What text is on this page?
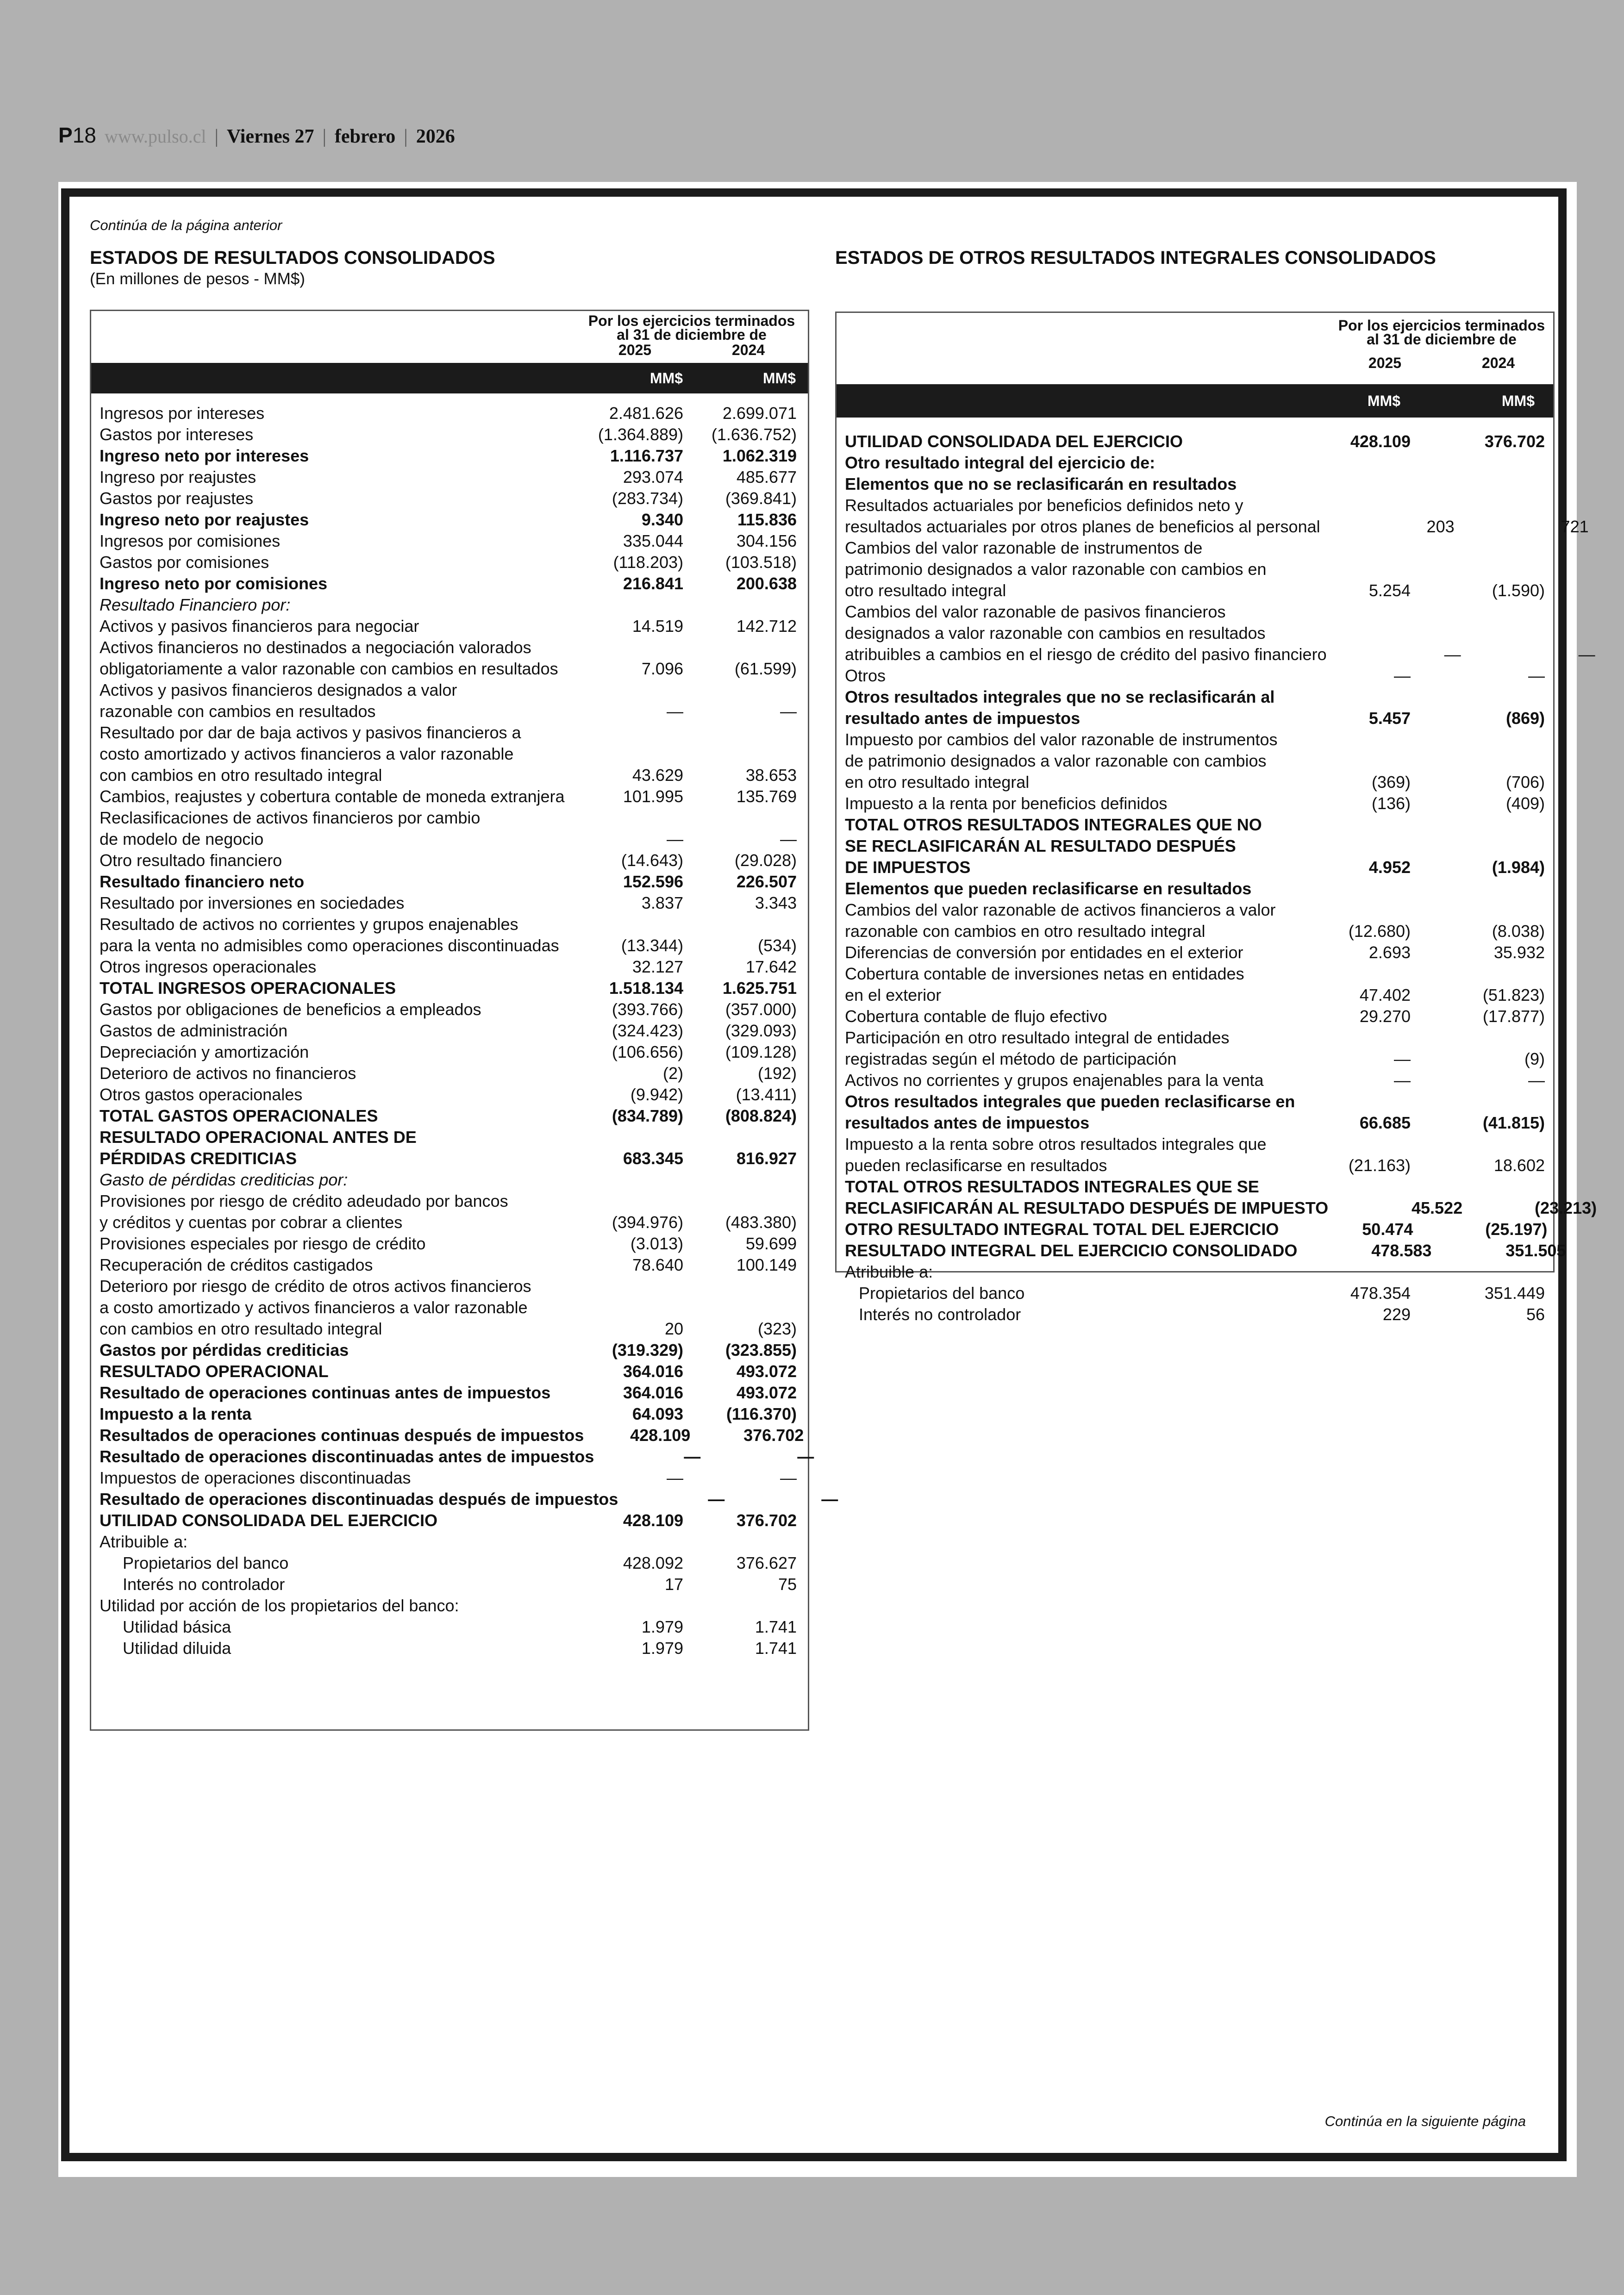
P18 www.pulso.cl | Viernes 27 | febrero | 2026
Continúa de la página anterior
ESTADOS DE RESULTADOS CONSOLIDADOS
(En millones de pesos - MM$)
Por los ejercicios terminados
al 31 de diciembre de
2025	2024
MM$	MM$
Ingresos por intereses	2.481.626	2.699.071
Gastos por intereses	(1.364.889)	(1.636.752)
Ingreso neto por intereses	1.116.737	1.062.319
Ingreso por reajustes	293.074	485.677
Gastos por reajustes	(283.734)	(369.841)
Ingreso neto por reajustes	9.340	115.836
Ingresos por comisiones	335.044	304.156
Gastos por comisiones	(118.203)	(103.518)
Ingreso neto por comisiones	216.841	200.638
Resultado Financiero por:
Activos y pasivos financieros para negociar	14.519	142.712
Activos financieros no destinados a negociación valorados
obligatoriamente a valor razonable con cambios en resultados	7.096	(61.599)
Activos y pasivos financieros designados a valor
razonable con cambios en resultados	—	—
Resultado por dar de baja activos y pasivos financieros a
costo amortizado y activos financieros a valor razonable
con cambios en otro resultado integral	43.629	38.653
Cambios, reajustes y cobertura contable de moneda extranjera	101.995	135.769
Reclasificaciones de activos financieros por cambio
de modelo de negocio	—	—
Otro resultado financiero	(14.643)	(29.028)
Resultado financiero neto	152.596	226.507
Resultado por inversiones en sociedades	3.837	3.343
Resultado de activos no corrientes y grupos enajenables
para la venta no admisibles como operaciones discontinuadas	(13.344)	(534)
Otros ingresos operacionales	32.127	17.642
TOTAL INGRESOS OPERACIONALES	1.518.134	1.625.751
Gastos por obligaciones de beneficios a empleados	(393.766)	(357.000)
Gastos de administración	(324.423)	(329.093)
Depreciación y amortización	(106.656)	(109.128)
Deterioro de activos no financieros	(2)	(192)
Otros gastos operacionales	(9.942)	(13.411)
TOTAL GASTOS OPERACIONALES	(834.789)	(808.824)
RESULTADO OPERACIONAL ANTES DE
PÉRDIDAS CREDITICIAS	683.345	816.927
Gasto de pérdidas crediticias por:
Provisiones por riesgo de crédito adeudado por bancos
y créditos y cuentas por cobrar a clientes	(394.976)	(483.380)
Provisiones especiales por riesgo de crédito	(3.013)	59.699
Recuperación de créditos castigados	78.640	100.149
Deterioro por riesgo de crédito de otros activos financieros
a costo amortizado y activos financieros a valor razonable
con cambios en otro resultado integral	20	(323)
Gastos por pérdidas crediticias	(319.329)	(323.855)
RESULTADO OPERACIONAL	364.016	493.072
Resultado de operaciones continuas antes de impuestos	364.016	493.072
Impuesto a la renta	64.093	(116.370)
Resultados de operaciones continuas después de impuestos	428.109	376.702
Resultado de operaciones discontinuadas antes de impuestos	—	—
Impuestos de operaciones discontinuadas	—	—
Resultado de operaciones discontinuadas después de impuestos	—	—
UTILIDAD CONSOLIDADA DEL EJERCICIO	428.109	376.702
Atribuible a:
Propietarios del banco	428.092	376.627
Interés no controlador	17	75
Utilidad por acción de los propietarios del banco:
Utilidad básica	1.979	1.741
Utilidad diluida	1.979	1.741
ESTADOS DE OTROS RESULTADOS INTEGRALES CONSOLIDADOS
Por los ejercicios terminados
al 31 de diciembre de
2025	2024
MM$	MM$
UTILIDAD CONSOLIDADA DEL EJERCICIO	428.109	376.702
Otro resultado integral del ejercicio de:
Elementos que no se reclasificarán en resultados
Resultados actuariales por beneficios definidos neto y
resultados actuariales por otros planes de beneficios al personal	203	721
Cambios del valor razonable de instrumentos de
patrimonio designados a valor razonable con cambios en
otro resultado integral	5.254	(1.590)
Cambios del valor razonable de pasivos financieros
designados a valor razonable con cambios en resultados
atribuibles a cambios en el riesgo de crédito del pasivo financiero	—	—
Otros	—	—
Otros resultados integrales que no se reclasificarán al
resultado antes de impuestos	5.457	(869)
Impuesto por cambios del valor razonable de instrumentos
de patrimonio designados a valor razonable con cambios
en otro resultado integral	(369)	(706)
Impuesto a la renta por beneficios definidos	(136)	(409)
TOTAL OTROS RESULTADOS INTEGRALES QUE NO
SE RECLASIFICARÁN AL RESULTADO DESPUÉS
DE IMPUESTOS	4.952	(1.984)
Elementos que pueden reclasificarse en resultados
Cambios del valor razonable de activos financieros a valor
razonable con cambios en otro resultado integral	(12.680)	(8.038)
Diferencias de conversión por entidades en el exterior	2.693	35.932
Cobertura contable de inversiones netas en entidades
en el exterior	47.402	(51.823)
Cobertura contable de flujo efectivo	29.270	(17.877)
Participación en otro resultado integral de entidades
registradas según el método de participación	—	(9)
Activos no corrientes y grupos enajenables para la venta	—	—
Otros resultados integrales que pueden reclasificarse en
resultados antes de impuestos	66.685	(41.815)
Impuesto a la renta sobre otros resultados integrales que
pueden reclasificarse en resultados	(21.163)	18.602
TOTAL OTROS RESULTADOS INTEGRALES QUE SE
RECLASIFICARÁN AL RESULTADO DESPUÉS DE IMPUESTO	45.522	(23.213)
OTRO RESULTADO INTEGRAL TOTAL DEL EJERCICIO	50.474	(25.197)
RESULTADO INTEGRAL DEL EJERCICIO CONSOLIDADO	478.583	351.505
Atribuible a:
Propietarios del banco	478.354	351.449
Interés no controlador	229	56
Continúa en la siguiente página
